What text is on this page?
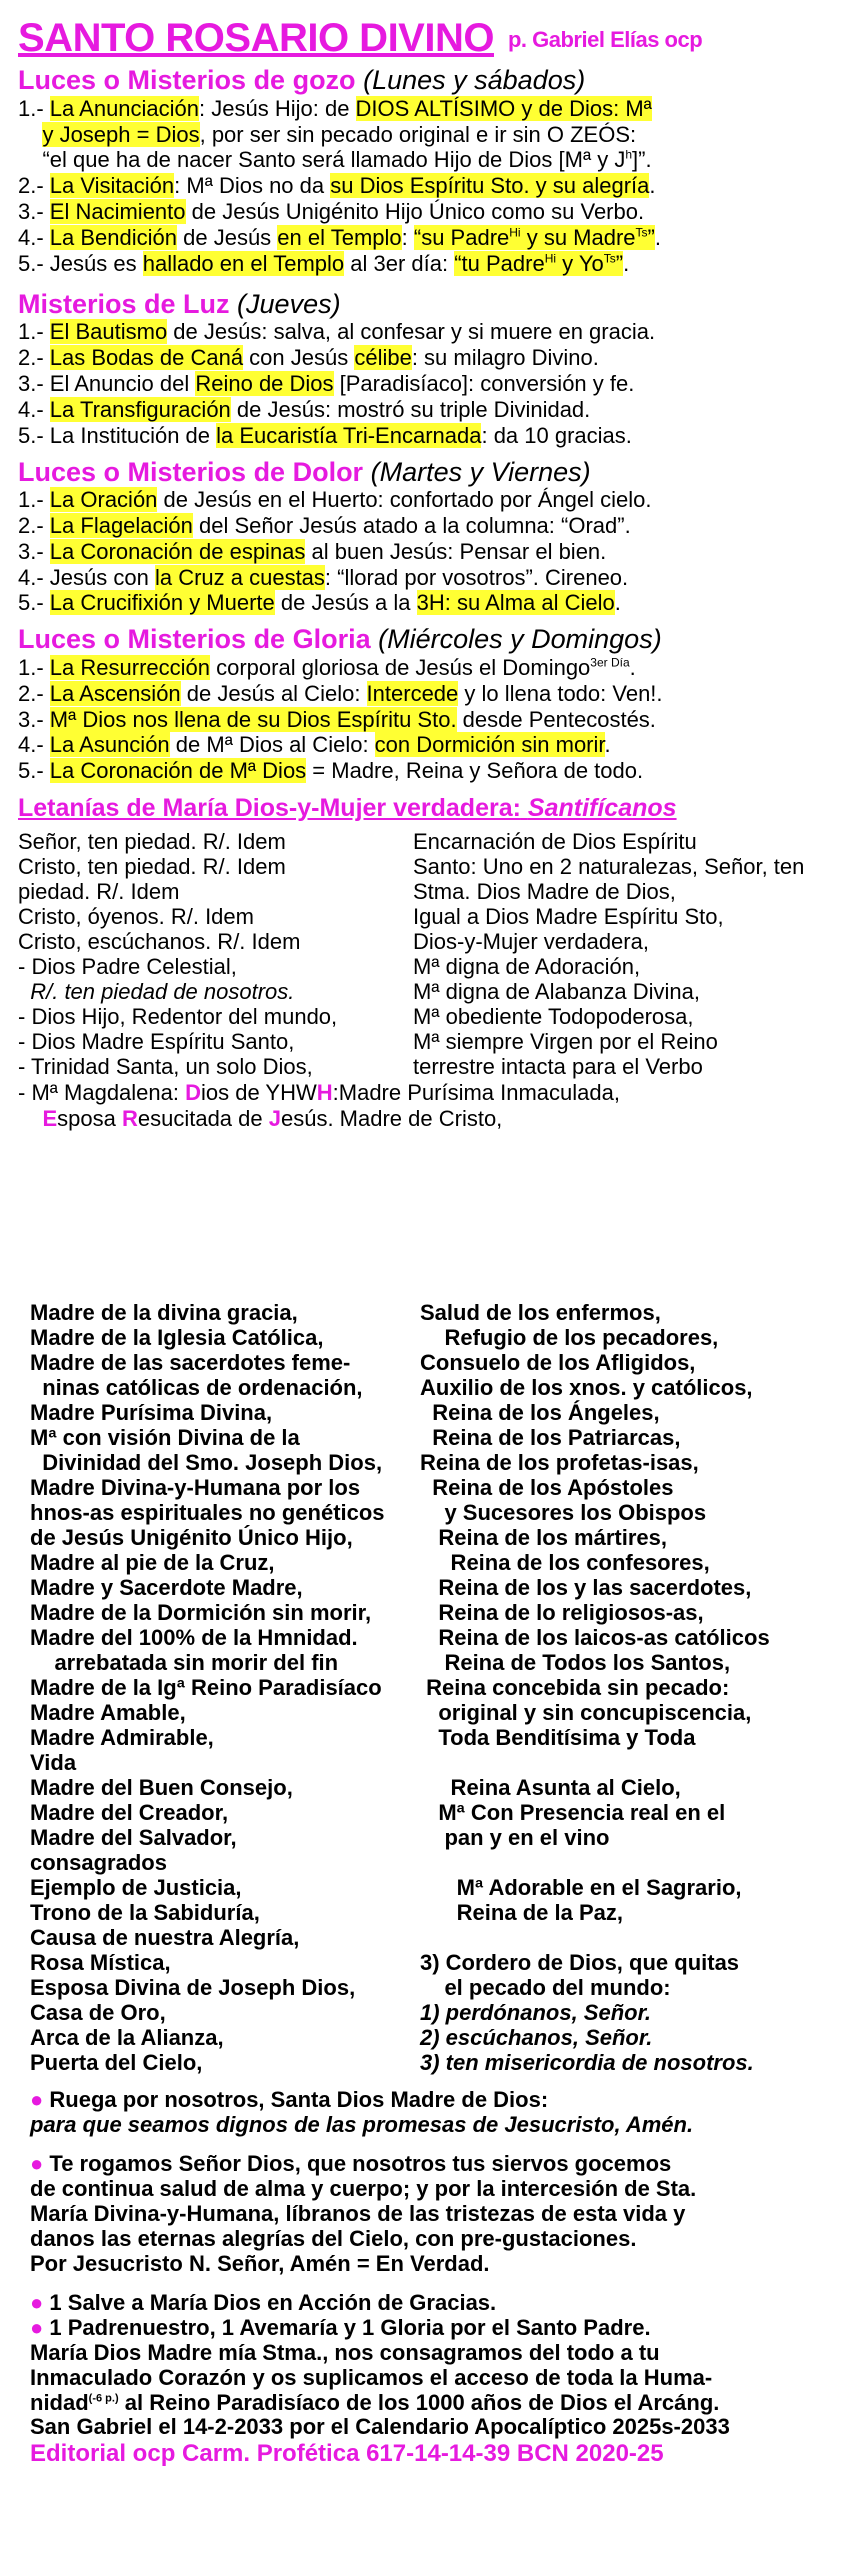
SANTO ROSARIO DIVINO p. Gabriel Elías ocp
Luces o Misterios de gozo (Lunes y sábados)
1.- La Anunciación: Jesús Hijo: de DIOS ALTÍSIMO y de Dios: Mª
y Joseph = Dios, por ser sin pecado original e ir sin O ZEÓS:
“el que ha de nacer Santo será llamado Hijo de Dios [Mª y $J^h$]”.
2.- La Visitación: Mª Dios no da su Dios Espíritu Sto. y su alegría.
3.- El Nacimiento de Jesús Unigénito Hijo Único como su Verbo.
4.- La Bendición de Jesús en el Templo: “su Padre$^{Hi}$ y su Madre$^{Ts}$”.
5.- Jesús es hallado en el Templo al 3er día: “tu Padre$^{Hi}$ y $Yo^{Ts}$”.
Misterios de Luz (Jueves)
1.- El Bautismo de Jesús: salva, al confesar y si muere en gracia.
2.- Las Bodas de Caná con Jesús célibe: su milagro Divino.
3.- El Anuncio del Reino de Dios [Paradisíaco]: conversión y fe.
4.- La Transfiguración de Jesús: mostró su triple Divinidad.
5.- La Institución de la Eucaristía Tri-Encarnada: da 10 gracias.
Luces o Misterios de Dolor (Martes y Viernes)
1.- La Oración de Jesús en el Huerto: confortado por Ángel cielo.
2.- La Flagelación del Señor Jesús atado a la columna: “Orad”.
3.- La Coronación de espinas al buen Jesús: Pensar el bien.
4.- Jesús con la Cruz a cuestas: “llorad por vosotros”. Cireneo.
5.- La Crucifixión y Muerte de Jesús a la 3H: su Alma al Cielo.
Luces o Misterios de Gloria (Miércoles y Domingos)
1.- La Resurrección corporal gloriosa de Jesús el Domingo$^{3er Día}$.
2.- La Ascensión de Jesús al Cielo: Intercede y lo llena todo: Ven!.
3.- Mª Dios nos llena de su Dios Espíritu Sto. desde Pentecostés.
4.- La Asunción de Mª Dios al Cielo: con Dormición sin morir.
5.- La Coronación de Mª Dios = Madre, Reina y Señora de todo.
Letanías de María Dios-y-Mujer verdadera: Santifícanos
Señor, ten piedad. R/. Idem
Cristo, ten piedad. R/. Idem
piedad. R/. Idem
Cristo, óyenos. R/. Idem
Cristo, escúchanos. R/. Idem
- Dios Padre Celestial,
R/. ten piedad de nosotros.
- Dios Hijo, Redentor del mundo,
- Dios Madre Espíritu Santo,
- Trinidad Santa, un solo Dios,
Encarnación de Dios Espíritu
Santo: Uno en 2 naturalezas, Señor, ten
Stma. Dios Madre de Dios,
Igual a Dios Madre Espíritu Sto,
Dios-y-Mujer verdadera,
Mª digna de Adoración,
Mª digna de Alabanza Divina,
Mª obediente Todopoderosa,
Mª siempre Virgen por el Reino
terrestre intacta para el Verbo
- Mª Magdalena: Dios de YHWH:Madre Purísima Inmaculada,
Esposa Resucitada de Jesús. Madre de Cristo,
Madre de la divina gracia,
Madre de la Iglesia Católica,
Madre de las sacerdotes feme-
ninas católicas de ordenación,
Madre Purísima Divina,
Mª con visión Divina de la
Divinidad del Smo. Joseph Dios,
Madre Divina-y-Humana por los
hnos-as espirituales no genéticos
de Jesús Unigénito Único Hijo,
Madre al pie de la Cruz,
Madre y Sacerdote Madre,
Madre de la Dormición sin morir,
Madre del 100% de la Hmnidad.
arrebatada sin morir del fin
Madre de la Igª Reino Paradisíaco
Madre Amable,
Madre Admirable,
Vida
Madre del Buen Consejo,
Madre del Creador,
Madre del Salvador,
consagrados
Ejemplo de Justicia,
Trono de la Sabiduría,
Causa de nuestra Alegría,
Rosa Mística,
Esposa Divina de Joseph Dios,
Casa de Oro,
Arca de la Alianza,
Puerta del Cielo,
Salud de los enfermos,
Refugio de los pecadores,
Consuelo de los Afligidos,
Auxilio de los xnos. y católicos,
Reina de los Ángeles,
Reina de los Patriarcas,
Reina de los profetas-isas,
Reina de los Apóstoles
y Sucesores los Obispos
Reina de los mártires,
Reina de los confesores,
Reina de los y las sacerdotes,
Reina de lo religiosos-as,
Reina de los laicos-as católicos
Reina de Todos los Santos,
Reina concebida sin pecado:
original y sin concupiscencia,
Toda Benditísima y Toda
Reina Asunta al Cielo,
Mª Con Presencia real en el
pan y en el vino
Mª Adorable en el Sagrario,
Reina de la Paz,
3) Cordero de Dios, que quitas
el pecado del mundo:
1) perdónanos, Señor.
2) escúchanos, Señor.
3) ten misericordia de nosotros.
● Ruega por nosotros, Santa Dios Madre de Dios:
para que seamos dignos de las promesas de Jesucristo, Amén.
● Te rogamos Señor Dios, que nosotros tus siervos gocemos
de continua salud de alma y cuerpo; y por la intercesión de Sta.
María Divina-y-Humana, líbranos de las tristezas de esta vida y
danos las eternas alegrías del Cielo, con pre-gustaciones.
Por Jesucristo N. Señor, Amén = En Verdad.
● 1 Salve a María Dios en Acción de Gracias.
● 1 Padrenuestro, 1 Avemaría y 1 Gloria por el Santo Padre.
María Dios Madre mía Stma., nos consagramos del todo a tu
Inmaculado Corazón y os suplicamos el acceso de toda la Huma-
nidad$^{(-6 p.)}$ al Reino Paradisíaco de los 1000 años de Dios el Arcáng.
San Gabriel el 14-2-2033 por el Calendario Apocalíptico 2025s-2033
Editorial ocp Carm. Profética 617-14-14-39 BCN 2020-25
